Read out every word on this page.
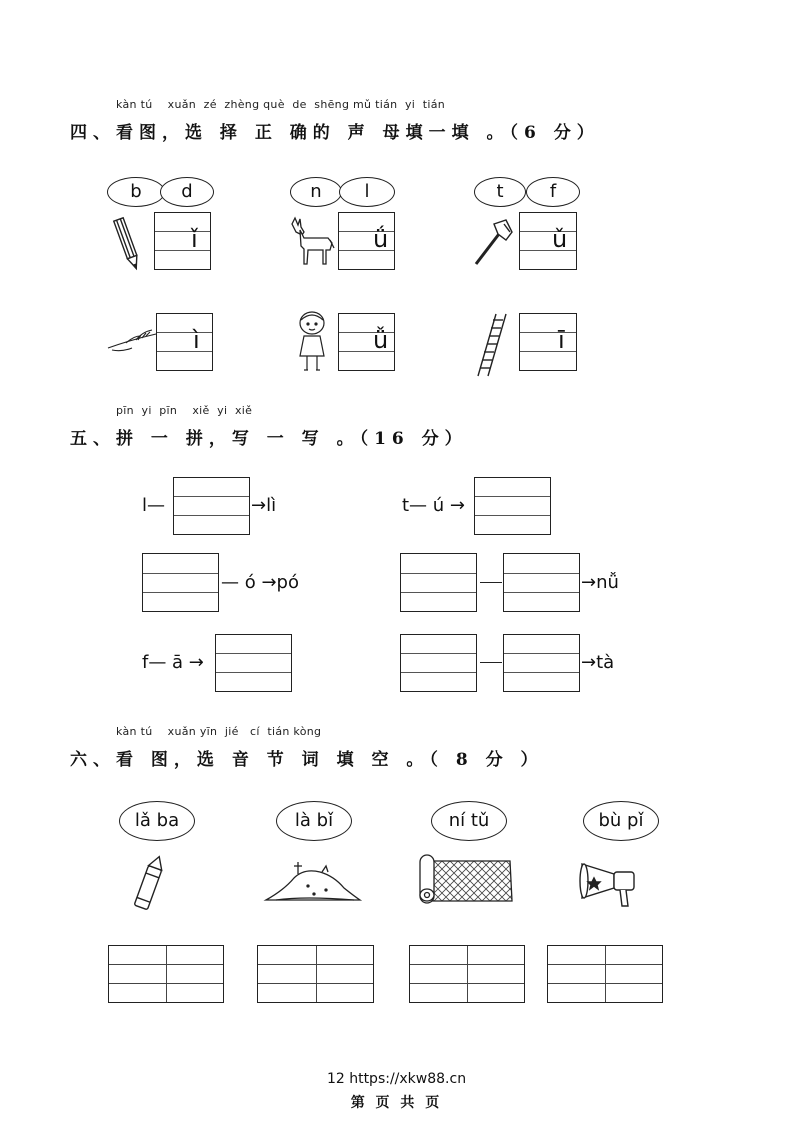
kàn tú    xuǎn  zé  zhèng què  de  shēng mǔ tián  yi  tián
四、看图，选 择 正 确的 声 母填一填 。（6 分）
b	d
ǐ
n	l
ǘ
t	f
ǔ
ì	ǚ	ī
pīn  yi  pīn    xiě  yi  xiě
五、拼 一 拼，写 一 写 。（16 分）
l—	→lì	t— ú →
— ó →pó	→nǚ
f— ā →	→tà
kàn tú    xuǎn yīn  jié   cí  tián kòng
六、看 图，选 音 节 词 填 空 。（ 8 分 ）
lǎ ba	là bǐ	ní tǔ	bù pǐ
12 https://xkw88.cn
第 页 共 页
